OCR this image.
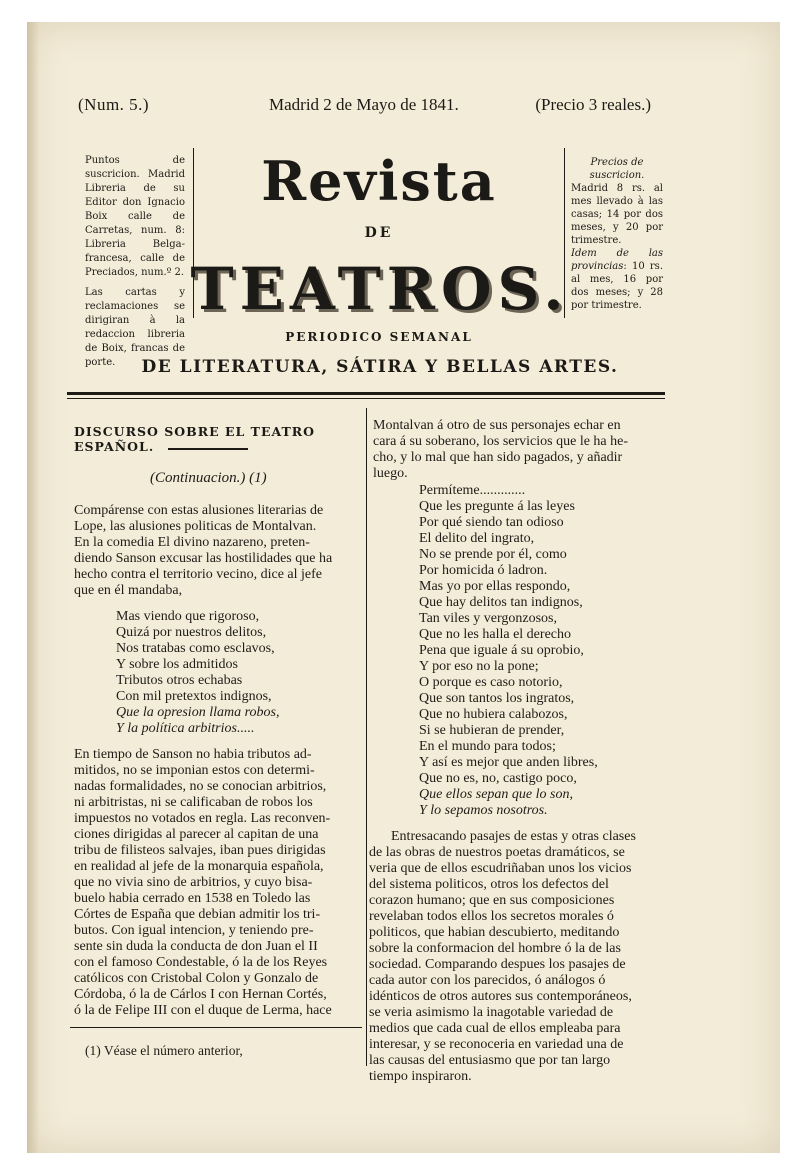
(Num. 5.)	Madrid 2 de Mayo de 1841.	(Precio 3 reales.)

Puntos de suscricion. Madrid Libreria de su Editor don Ignacio Boix calle de Carretas, num. 8: Libreria Belga-francesa, calle de Preciados, num.º 2.

Las cartas y reclamaciones se dirigiran à la redaccion libreria de Boix, francas de porte.

Precios de suscricion.
Madrid 8 rs. al mes llevado à las casas; 14 por dos meses, y 20 por trimestre.
Idem de las provincias: 10 rs. al mes, 16 por dos meses; y 28 por trimestre.
Revista
DE
TEATROS.
PERIODICO SEMANAL
DE LITERATURA, SÁTIRA Y BELLAS ARTES.
DISCURSO SOBRE EL TEATRO ESPAÑOL.
(Continuacion.) (1)
Compárense con estas alusiones literarias de
Lope, las alusiones politicas de Montalvan.
En la comedia El divino nazareno, preten-
diendo Sanson excusar las hostilidades que ha
hecho contra el territorio vecino, dice al jefe
que en él mandaba,
Mas viendo que rigoroso,
Quizá por nuestros delitos,
Nos tratabas como esclavos,
Y sobre los admitidos
Tributos otros echabas
Con mil pretextos indignos,
Que la opresion llama robos,
Y la política arbitrios.....
En tiempo de Sanson no habia tributos ad-
mitidos, no se imponian estos con determi-
nadas formalidades, no se conocian arbitrios,
ni arbitristas, ni se calificaban de robos los
impuestos no votados en regla. Las reconven-
ciones dirigidas al parecer al capitan de una
tribu de filisteos salvajes, iban pues dirigidas
en realidad al jefe de la monarquia española,
que no vivia sino de arbitrios, y cuyo bisa-
buelo habia cerrado en 1538 en Toledo las
Córtes de España que debian admitir los tri-
butos. Con igual intencion, y teniendo pre-
sente sin duda la conducta de don Juan el II
con el famoso Condestable, ó la de los Reyes
católicos con Cristobal Colon y Gonzalo de
Córdoba, ó la de Cárlos I con Hernan Cortés,
ó la de Felipe III con el duque de Lerma, hace
(1) Véase el número anterior,
Montalvan á otro de sus personajes echar en
cara á su soberano, los servicios que le ha he-
cho, y lo mal que han sido pagados, y añadir
luego.
Permíteme.............
Que les pregunte á las leyes
Por qué siendo tan odioso
El delito del ingrato,
No se prende por él, como
Por homicida ó ladron.
Mas yo por ellas respondo,
Que hay delitos tan indignos,
Tan viles y vergonzosos,
Que no les halla el derecho
Pena que iguale á su oprobio,
Y por eso no la pone;
O porque es caso notorio,
Que son tantos los ingratos,
Que no hubiera calabozos,
Si se hubieran de prender,
En el mundo para todos;
Y así es mejor que anden libres,
Que no es, no, castigo poco,
Que ellos sepan que lo son,
Y lo sepamos nosotros.
Entresacando pasajes de estas y otras clases
de las obras de nuestros poetas dramáticos, se
veria que de ellos escudriñaban unos los vicios
del sistema politicos, otros los defectos del
corazon humano; que en sus composiciones
revelaban todos ellos los secretos morales ó
politicos, que habian descubierto, meditando
sobre la conformacion del hombre ó la de las
sociedad. Comparando despues los pasajes de
cada autor con los parecidos, ó análogos ó
idénticos de otros autores sus contemporáneos,
se veria asimismo la inagotable variedad de
medios que cada cual de ellos empleaba para
interesar, y se reconoceria en variedad una de
las causas del entusiasmo que por tan largo
tiempo inspiraron.
